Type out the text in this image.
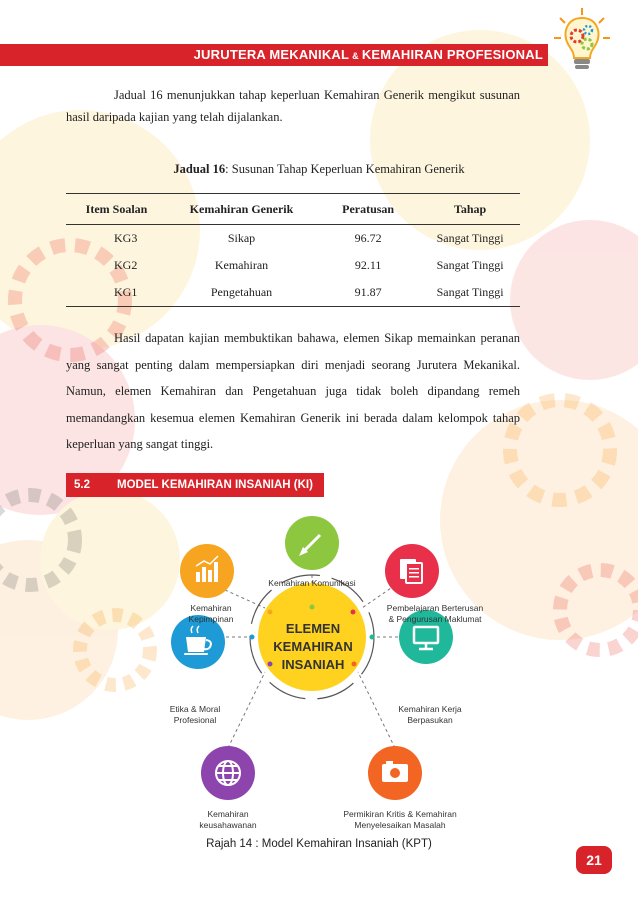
JURUTERA MEKANIKAL & KEMAHIRAN PROFESIONAL
Jadual 16 menunjukkan tahap keperluan Kemahiran Generik mengikut susunan hasil daripada kajian yang telah dijalankan.
Jadual 16: Susunan Tahap Keperluan Kemahiran Generik
Item Soalan	Kemahiran Generik	Peratusan	Tahap
KG3	Sikap	96.72	Sangat Tinggi
KG2	Kemahiran	92.11	Sangat Tinggi
KG1	Pengetahuan	91.87	Sangat Tinggi
Hasil dapatan kajian membuktikan bahawa, elemen Sikap memainkan peranan yang sangat penting dalam mempersiapkan diri menjadi seorang Jurutera Mekanikal. Namun, elemen Kemahiran dan Pengetahuan juga tidak boleh dipandang remeh memandangkan kesemua elemen Kemahiran Generik ini berada dalam kelompok tahap keperluan yang sangat tinggi.
5.2 MODEL KEMAHIRAN INSANIAH (KI)
Kemahiran Komunikasi
Pembelajaran Berterusan
& Pengurusan Maklumat
Kemahiran Kerja
Berpasukan
Permikiran Kritis & Kemahiran
Menyelesaikan Masalah
Kemahiran
keusahawanan
Etika & Moral
Profesional
Kemahiran
Kepimpinan
ELEMEN
KEMAHIRAN
INSANIAH
Rajah 14 : Model Kemahiran Insaniah (KPT)
21
